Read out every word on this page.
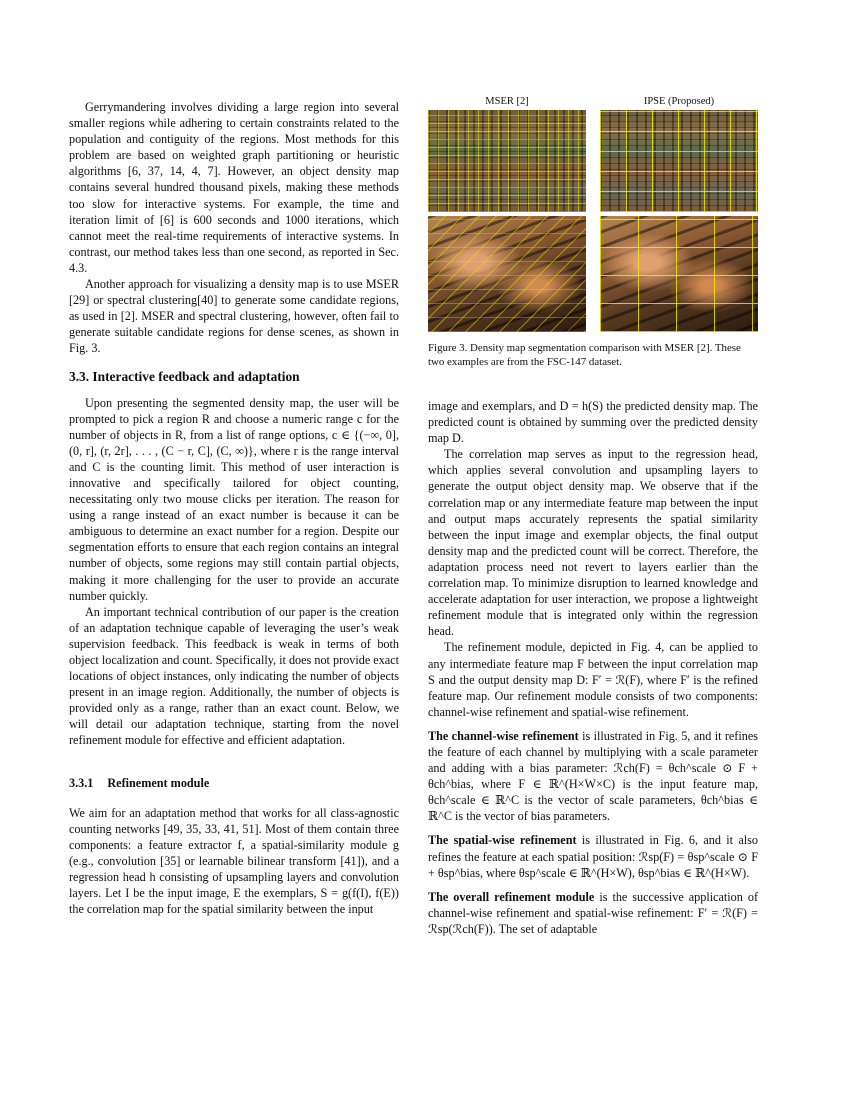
Gerrymandering involves dividing a large region into several smaller regions while adhering to certain constraints related to the population and contiguity of the regions. Most methods for this problem are based on weighted graph partitioning or heuristic algorithms [6, 37, 14, 4, 7]. However, an object density map contains several hundred thousand pixels, making these methods too slow for interactive systems. For example, the time and iteration limit of [6] is 600 seconds and 1000 iterations, which cannot meet the real-time requirements of interactive systems. In contrast, our method takes less than one second, as reported in Sec. 4.3.

Another approach for visualizing a density map is to use MSER [29] or spectral clustering[40] to generate some candidate regions, as used in [2]. MSER and spectral clustering, however, often fail to generate suitable candidate regions for dense scenes, as shown in Fig. 3.

3.3. Interactive feedback and adaptation

Upon presenting the segmented density map, the user will be prompted to pick a region R and choose a numeric range c for the number of objects in R, from a list of range options, c ∈ {(−∞, 0], (0, r], (r, 2r], . . . , (C − r, C], (C, ∞)}, where r is the range interval and C is the counting limit. This method of user interaction is innovative and specifically tailored for object counting, necessitating only two mouse clicks per iteration. The reason for using a range instead of an exact number is because it can be ambiguous to determine an exact number for a region. Despite our segmentation efforts to ensure that each region contains an integral number of objects, some regions may still contain partial objects, making it more challenging for the user to provide an accurate number quickly.

An important technical contribution of our paper is the creation of an adaptation technique capable of leveraging the user’s weak supervision feedback. This feedback is weak in terms of both object localization and count. Specifically, it does not provide exact locations of object instances, only indicating the number of objects present in an image region. Additionally, the number of objects is provided only as a range, rather than an exact count. Below, we will detail our adaptation technique, starting from the novel refinement module for effective and efficient adaptation.

3.3.1 Refinement module

We aim for an adaptation method that works for all class-agnostic counting networks [49, 35, 33, 41, 51]. Most of them contain three components: a feature extractor f, a spatial-similarity module g (e.g., convolution [35] or learnable bilinear transform [41]), and a regression head h consisting of upsampling layers and convolution layers. Let I be the input image, E the exemplars, S = g(f(I), f(E)) the correlation map for the spatial similarity between the input

MSER [2]	IPSE (Proposed)
Figure 3. Density map segmentation comparison with MSER [2]. These two examples are from the FSC-147 dataset.

image and exemplars, and D = h(S) the predicted density map. The predicted count is obtained by summing over the predicted density map D.

The correlation map serves as input to the regression head, which applies several convolution and upsampling layers to generate the output object density map. We observe that if the correlation map or any intermediate feature map between the input and output maps accurately represents the spatial similarity between the input image and exemplar objects, the final output density map and the predicted count will be correct. Therefore, the adaptation process need not revert to layers earlier than the correlation map. To minimize disruption to learned knowledge and accelerate adaptation for user interaction, we propose a lightweight refinement module that is integrated only within the regression head.

The refinement module, depicted in Fig. 4, can be applied to any intermediate feature map F between the input correlation map S and the output density map D: F′ = ℛ(F), where F′ is the refined feature map. Our refinement module consists of two components: channel-wise refinement and spatial-wise refinement.

The channel-wise refinement is illustrated in Fig. 5, and it refines the feature of each channel by multiplying with a scale parameter and adding with a bias parameter: ℛch(F) = θch^scale ⊙ F + θch^bias, where F ∈ ℝ^(H×W×C) is the input feature map, θch^scale ∈ ℝ^C is the vector of scale parameters, θch^bias ∈ ℝ^C is the vector of bias parameters.

The spatial-wise refinement is illustrated in Fig. 6, and it also refines the feature at each spatial position: ℛsp(F) = θsp^scale ⊙ F + θsp^bias, where θsp^scale ∈ ℝ^(H×W), θsp^bias ∈ ℝ^(H×W).

The overall refinement module is the successive application of channel-wise refinement and spatial-wise refinement: F′ = ℛ(F) = ℛsp(ℛch(F)). The set of adaptable
